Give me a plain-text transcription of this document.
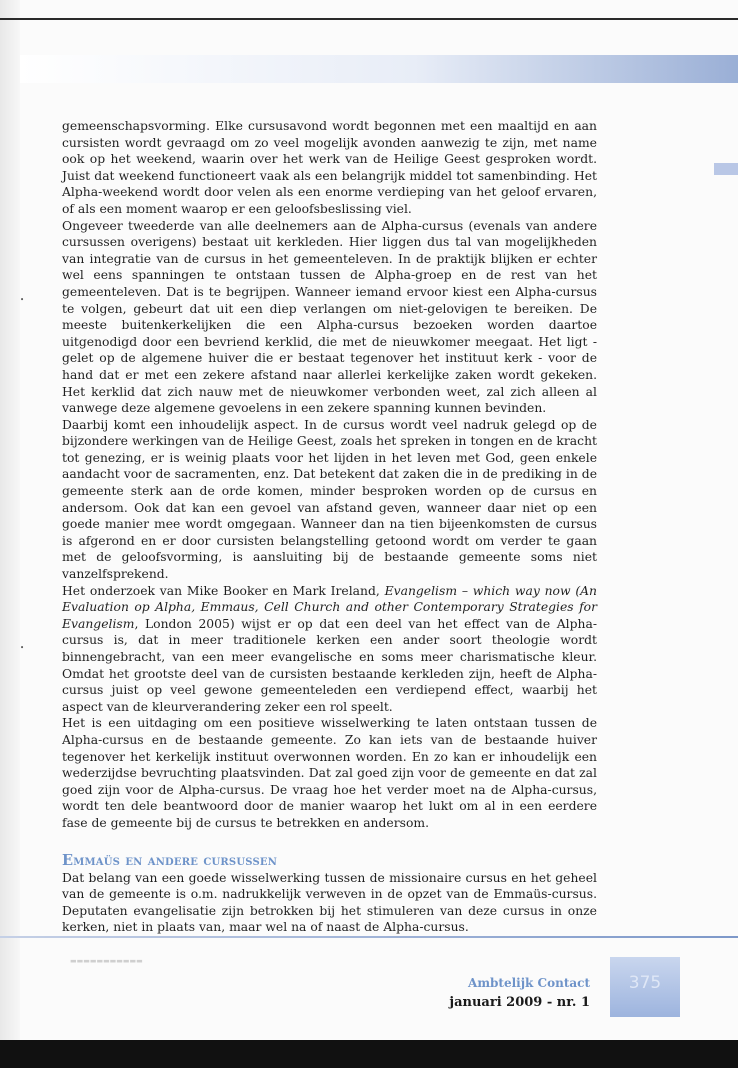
•
•

gemeenschapsvorming. Elke cursusavond wordt begonnen met een maaltijd en aan cursisten wordt gevraagd om zo veel mogelijk avonden aanwezig te zijn, met name ook op het weekend, waarin over het werk van de Heilige Geest gesproken wordt. Juist dat weekend functioneert vaak als een belangrijk middel tot samenbinding. Het Alpha-weekend wordt door velen als een enorme verdieping van het geloof ervaren, of als een moment waarop er een geloofsbeslissing viel.

Ongeveer tweederde van alle deelnemers aan de Alpha-cursus (evenals van andere cursussen overigens) bestaat uit kerkleden. Hier liggen dus tal van mogelijkheden van integratie van de cursus in het gemeenteleven. In de praktijk blijken er echter wel eens spanningen te ontstaan tussen de Alpha-groep en de rest van het gemeenteleven. Dat is te begrijpen. Wanneer iemand ervoor kiest een Alpha-cursus te volgen, gebeurt dat uit een diep verlangen om niet-gelovigen te bereiken. De meeste buitenkerkelijken die een Alpha-cursus bezoeken worden daartoe uitgenodigd door een bevriend kerklid, die met de nieuwkomer meegaat. Het ligt - gelet op de algemene huiver die er bestaat tegenover het instituut kerk - voor de hand dat er met een zekere afstand naar allerlei kerkelijke zaken wordt gekeken. Het kerklid dat zich nauw met de nieuwkomer verbonden weet, zal zich alleen al vanwege deze algemene gevoelens in een zekere spanning kunnen bevinden.

Daarbij komt een inhoudelijk aspect. In de cursus wordt veel nadruk gelegd op de bijzondere werkingen van de Heilige Geest, zoals het spreken in tongen en de kracht tot genezing, er is weinig plaats voor het lijden in het leven met God, geen enkele aandacht voor de sacramenten, enz. Dat betekent dat zaken die in de prediking in de gemeente sterk aan de orde komen, minder besproken worden op de cursus en andersom. Ook dat kan een gevoel van afstand geven, wanneer daar niet op een goede manier mee wordt omgegaan. Wanneer dan na tien bijeenkomsten de cursus is afgerond en er door cursisten belangstelling getoond wordt om verder te gaan met de geloofsvorming, is aansluiting bij de bestaande gemeente soms niet vanzelfsprekend.

Het onderzoek van Mike Booker en Mark Ireland, Evangelism – which way now (An Evaluation op Alpha, Emmaus, Cell Church and other Contemporary Strategies for Evangelism, London 2005) wijst er op dat een deel van het effect van de Alpha-cursus is, dat in meer traditionele kerken een ander soort theologie wordt binnengebracht, van een meer evangelische en soms meer charismatische kleur. Omdat het grootste deel van de cursisten bestaande kerkleden zijn, heeft de Alpha-cursus juist op veel gewone gemeenteleden een verdiepend effect, waarbij het aspect van de kleurverandering zeker een rol speelt.

Het is een uitdaging om een positieve wisselwerking te laten ontstaan tussen de Alpha-cursus en de bestaande gemeente. Zo kan iets van de bestaande huiver tegenover het kerkelijk instituut overwonnen worden. En zo kan er inhoudelijk een wederzijdse bevruchting plaatsvinden. Dat zal goed zijn voor de gemeente en dat zal goed zijn voor de Alpha-cursus. De vraag hoe het verder moet na de Alpha-cursus, wordt ten dele beantwoord door de manier waarop het lukt om al in een eerdere fase de gemeente bij de cursus te betrekken en andersom.

Emmaüs en andere cursussen

Dat belang van een goede wisselwerking tussen de missionaire cursus en het geheel van de gemeente is o.m. nadrukkelijk verweven in de opzet van de Emmaüs-cursus. Deputaten evangelisatie zijn betrokken bij het stimuleren van deze cursus in onze kerken, niet in plaats van, maar wel na of naast de Alpha-cursus.

▬▬▬▬▬▬▬▬▬▬▬
Ambtelijk Contact
januari 2009 - nr. 1
375
